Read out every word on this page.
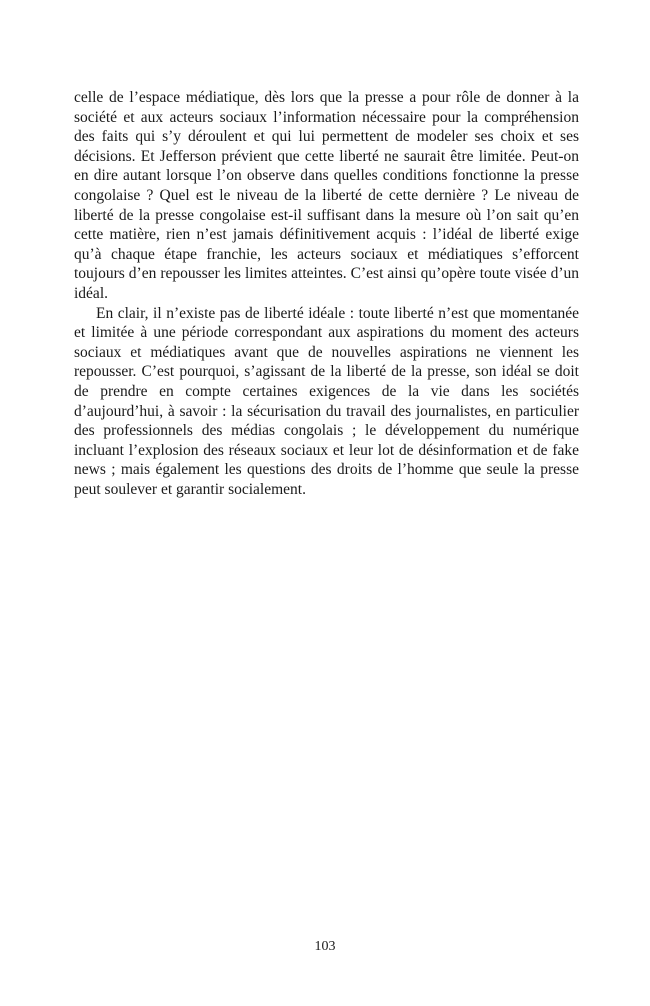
celle de l’espace médiatique, dès lors que la presse a pour rôle de donner à la société et aux acteurs sociaux l’information nécessaire pour la compréhension des faits qui s’y déroulent et qui lui permettent de modeler ses choix et ses décisions. Et Jefferson prévient que cette liberté ne saurait être limitée. Peut-on en dire autant lorsque l’on observe dans quelles conditions fonctionne la presse congolaise ? Quel est le niveau de la liberté de cette dernière ? Le niveau de liberté de la presse congolaise est-il suffisant dans la mesure où l’on sait qu’en cette matière, rien n’est jamais définitivement acquis : l’idéal de liberté exige qu’à chaque étape franchie, les acteurs sociaux et médiatiques s’efforcent toujours d’en repousser les limites atteintes. C’est ainsi qu’opère toute visée d’un idéal.

En clair, il n’existe pas de liberté idéale : toute liberté n’est que momentanée et limitée à une période correspondant aux aspirations du moment des acteurs sociaux et médiatiques avant que de nouvelles aspirations ne viennent les repousser. C’est pourquoi, s’agissant de la liberté de la presse, son idéal se doit de prendre en compte certaines exigences de la vie dans les sociétés d’aujourd’hui, à savoir : la sécurisation du travail des journalistes, en particulier des professionnels des médias congolais ; le développement du numérique incluant l’explosion des réseaux sociaux et leur lot de désinformation et de fake news ; mais également les questions des droits de l’homme que seule la presse peut soulever et garantir socialement.

103
